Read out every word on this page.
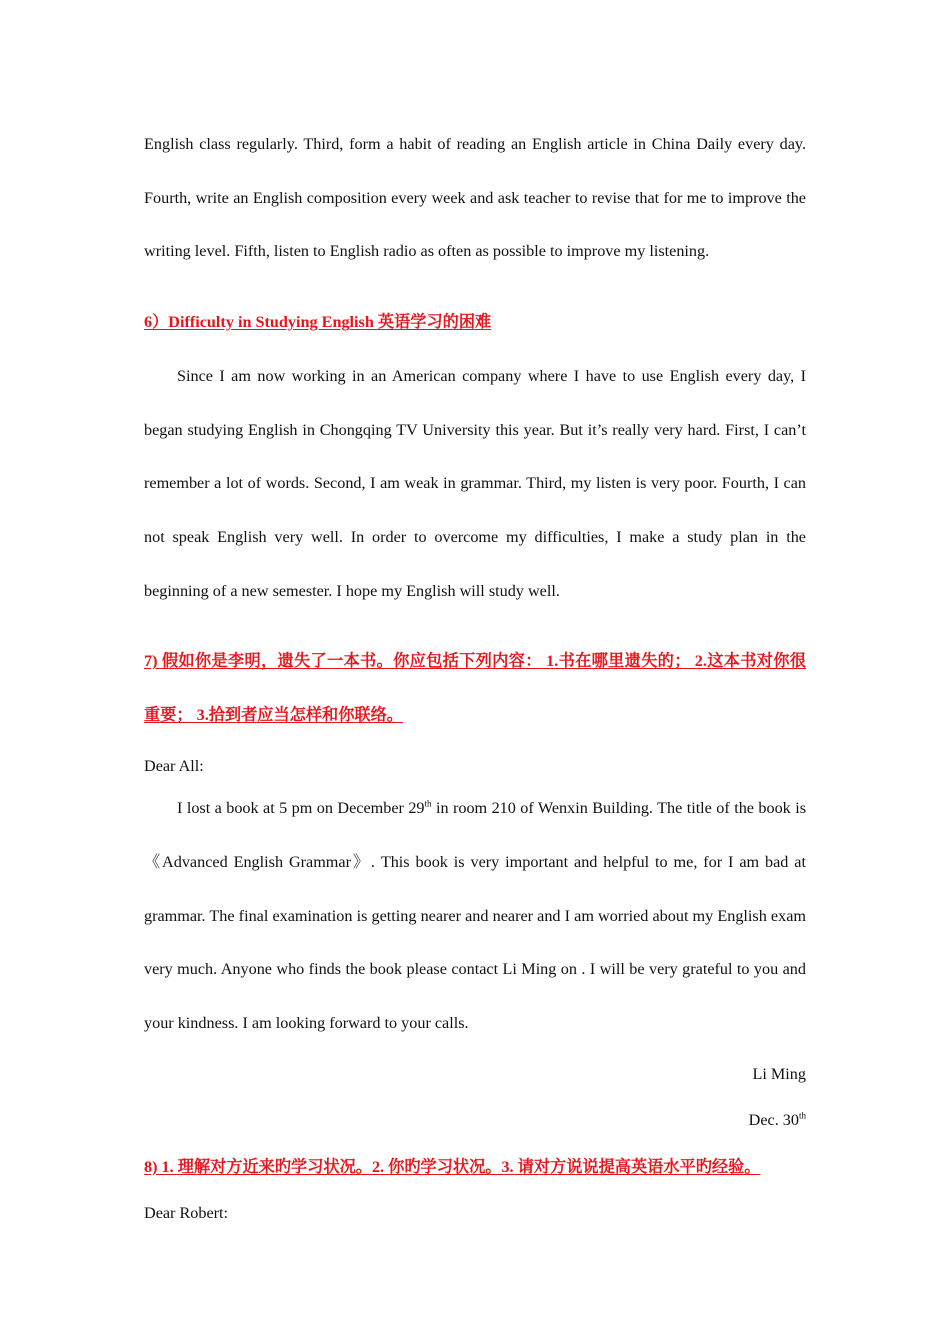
English class regularly. Third, form a habit of reading an English article in China Daily every day. Fourth, write an English composition every week and ask teacher to revise that for me to improve the writing level. Fifth, listen to English radio as often as possible to improve my listening.

6）Difficulty in Studying English 英语学习的困难

Since I am now working in an American company where I have to use English every day, I began studying English in Chongqing TV University this year. But it’s really very hard. First, I can’t remember a lot of words. Second, I am weak in grammar. Third, my listen is very poor. Fourth, I can not speak English very well. In order to overcome my difficulties, I make a study plan in the beginning of a new semester. I hope my English will study well.

7) 假如你是李明，遗失了一本书。你应包括下列内容： 1.书在哪里遗失的； 2.这本书对你很重要； 3.拾到者应当怎样和你联络。

Dear All:

I lost a book at 5 pm on December 29th in room 210 of Wenxin Building. The title of the book is 《Advanced English Grammar》. This book is very important and helpful to me, for I am bad at grammar. The final examination is getting nearer and nearer and I am worried about my English exam very much. Anyone who finds the book please contact Li Ming on . I will be very grateful to you and your kindness. I am looking forward to your calls.

Li Ming

Dec. 30th

8) 1. 理解对方近来旳学习状况。2. 你旳学习状况。3. 请对方说说提高英语水平旳经验。

Dear Robert:
